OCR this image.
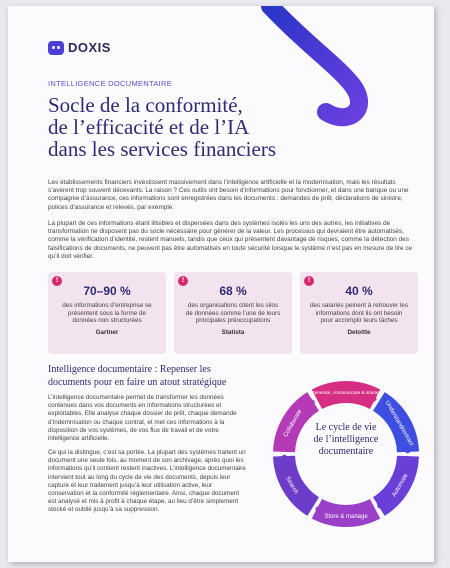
DOXIS
INTELLIGENCE DOCUMENTAIRE
Socle de la conformité,
de l’efficacité et de l’IA
dans les services financiers
Les établissements financiers investissent massivement dans l’intelligence artificielle et la modernisation, mais les résultats s’avèrent trop souvent décevants. La raison ? Ces outils ont besoin d’informations pour fonctionner, et dans une banque ou une compagnie d’assurance, ces informations sont enregistrées dans les documents : demandes de prêt, déclarations de sinistre, polices d’assurance et relevés, par exemple.
La plupart de ces informations étant illisibles et dispersées dans des systèmes isolés les uns des autres, les initiatives de transformation ne disposent pas du socle nécessaire pour générer de la valeur. Les processus qui devraient être automatisés, comme la vérification d’identité, restent manuels, tandis que ceux qui présentent davantage de risques, comme la détection des falsifications de documents, ne peuvent pas être automatisés en toute sécurité lorsque le système n’est pas en mesure de lire ce qu’il doit vérifier.
!
70–90 %
des informations d’entreprise se présentent sous la forme de données non structurées
Gartner
!
68 %
des organisations citent les silos de données comme l’une de leurs principales préoccupations
Statista
!
40 %
des salariés peinent à retrouver les informations dont ils ont besoin pour accomplir leurs tâches
Deloitte
Intelligence documentaire : Repenser les
documents pour en faire un atout stratégique
L’intelligence documentaire permet de transformer les données contenues dans vos documents en informations structurées et exploitables. Elle analyse chaque dossier de prêt, chaque demande d’indemnisation ou chaque contrat, et met ces informations à la disposition de vos systèmes, de vos flux de travail et de votre intelligence artificielle.
Ce qui la distingue, c’est sa portée. La plupart des systèmes traitent un document une seule fois, au moment de son archivage, après quoi les informations qu’il contient restent inactives. L’intelligence documentaire intervient tout au long du cycle de vie des documents, depuis leur capture et leur traitement jusqu’à leur utilisation active, leur conservation et la conformité réglementaire. Ainsi, chaque document est analysé et mis à profit à chaque étape, au lieu d’être simplement stocké et oublié jusqu’à sa suppression.
Understand/extract
Automate
Store & manage
Search
Collaborate
Generate, communicate & interact
Le cycle de vie
de l’intelligence
documentaire
